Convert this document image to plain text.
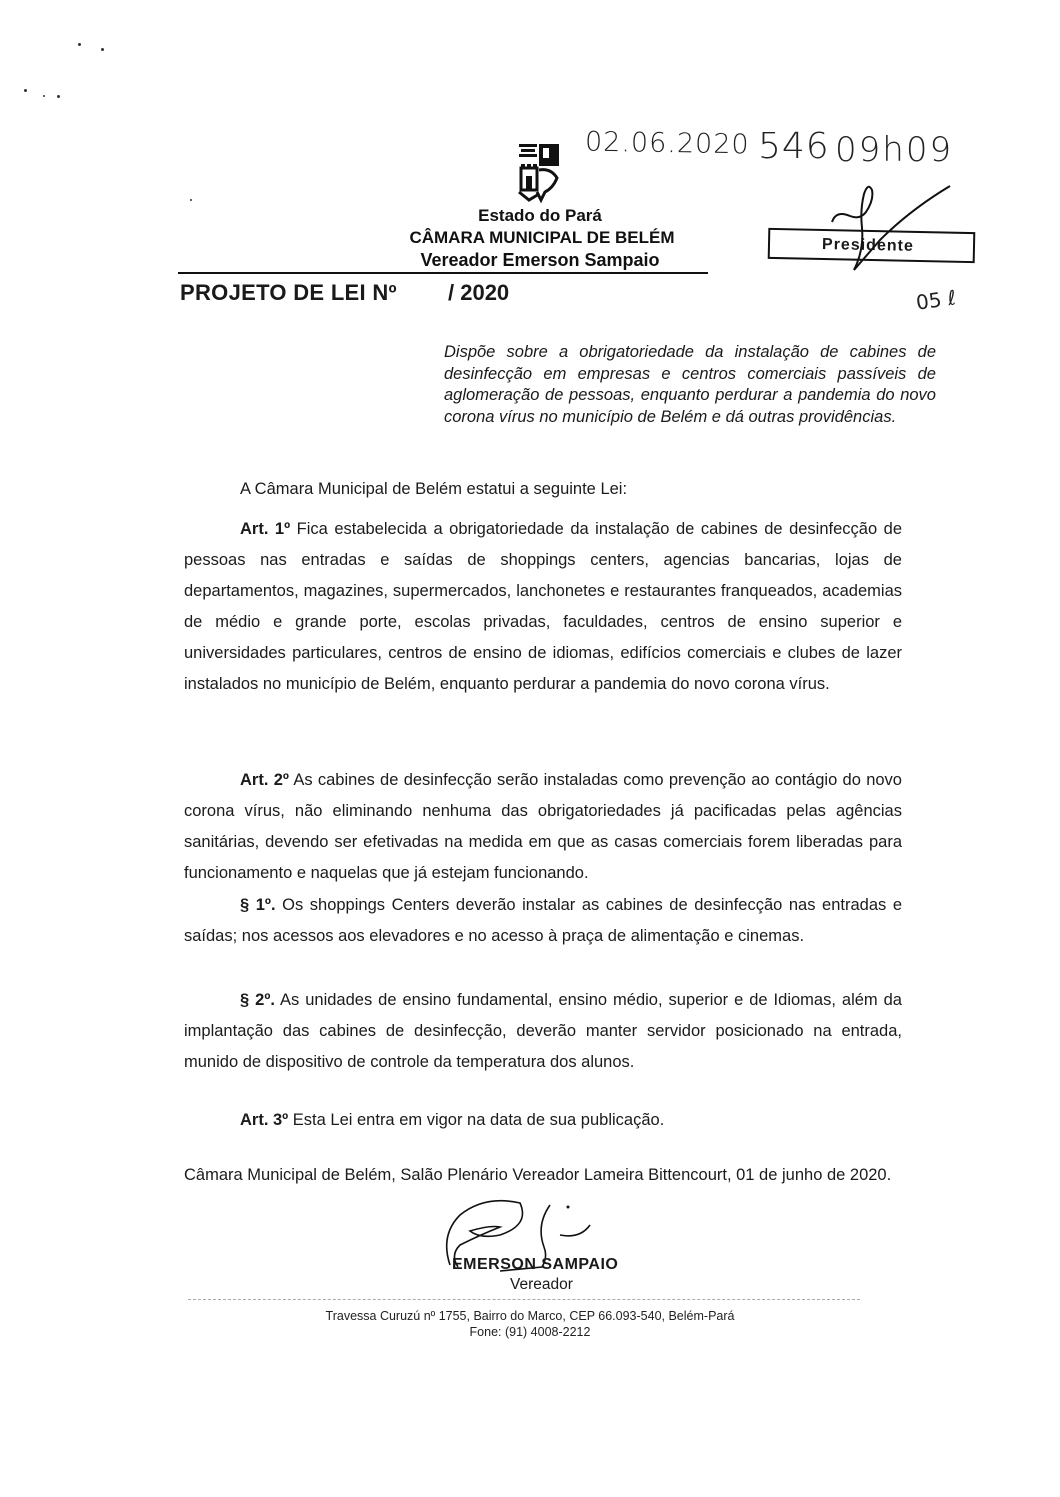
02.06.2020 546 09h09
Estado do Pará
CÂMARA MUNICIPAL DE BELÉM
Vereador Emerson Sampaio
Presidente
PROJETO DE LEI Nº / 2020	05 ℓ
Dispõe sobre a obrigatoriedade da instalação de cabines de desinfecção em empresas e centros comerciais passíveis de aglomeração de pessoas, enquanto perdurar a pandemia do novo corona vírus no município de Belém e dá outras providências.

A Câmara Municipal de Belém estatui a seguinte Lei:

Art. 1º Fica estabelecida a obrigatoriedade da instalação de cabines de desinfecção de pessoas nas entradas e saídas de shoppings centers, agencias bancarias, lojas de departamentos, magazines, supermercados, lanchonetes e restaurantes franqueados, academias de médio e grande porte, escolas privadas, faculdades, centros de ensino superior e universidades particulares, centros de ensino de idiomas, edifícios comerciais e clubes de lazer instalados no município de Belém, enquanto perdurar a pandemia do novo corona vírus.

Art. 2º As cabines de desinfecção serão instaladas como prevenção ao contágio do novo corona vírus, não eliminando nenhuma das obrigatoriedades já pacificadas pelas agências sanitárias, devendo ser efetivadas na medida em que as casas comerciais forem liberadas para funcionamento e naquelas que já estejam funcionando.

§ 1º. Os shoppings Centers deverão instalar as cabines de desinfecção nas entradas e saídas; nos acessos aos elevadores e no acesso à praça de alimentação e cinemas.

§ 2º. As unidades de ensino fundamental, ensino médio, superior e de Idiomas, além da implantação das cabines de desinfecção, deverão manter servidor posicionado na entrada, munido de dispositivo de controle da temperatura dos alunos.

Art. 3º Esta Lei entra em vigor na data de sua publicação.

Câmara Municipal de Belém, Salão Plenário Vereador Lameira Bittencourt, 01 de junho de 2020.

EMERSON SAMPAIO
Vereador
Travessa Curuzú nº 1755, Bairro do Marco, CEP 66.093-540, Belém-Pará
Fone: (91) 4008-2212
